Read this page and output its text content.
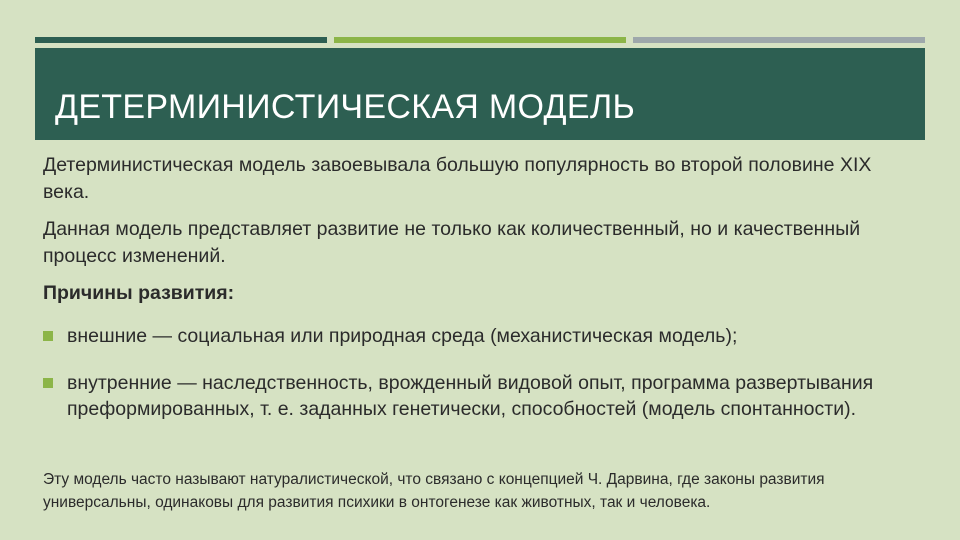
ДЕТЕРМИНИСТИЧЕСКАЯ МОДЕЛЬ

Детерминистическая модель завоевывала большую популярность во второй половине XIX века.

Данная модель представляет развитие не только как количественный, но и качественный процесс изменений.

Причины развития:

внешние — социальная или природная среда (механистическая модель);
внутренние — наследственность, врожденный видовой опыт, программа развертывания преформированных, т. е. заданных генетически, способностей (модель спонтанности).

Эту модель часто называют натуралистической, что связано с концепцией Ч. Дарвина, где законы развития универсальны, одинаковы для развития психики в онтогенезе как животных, так и человека.
